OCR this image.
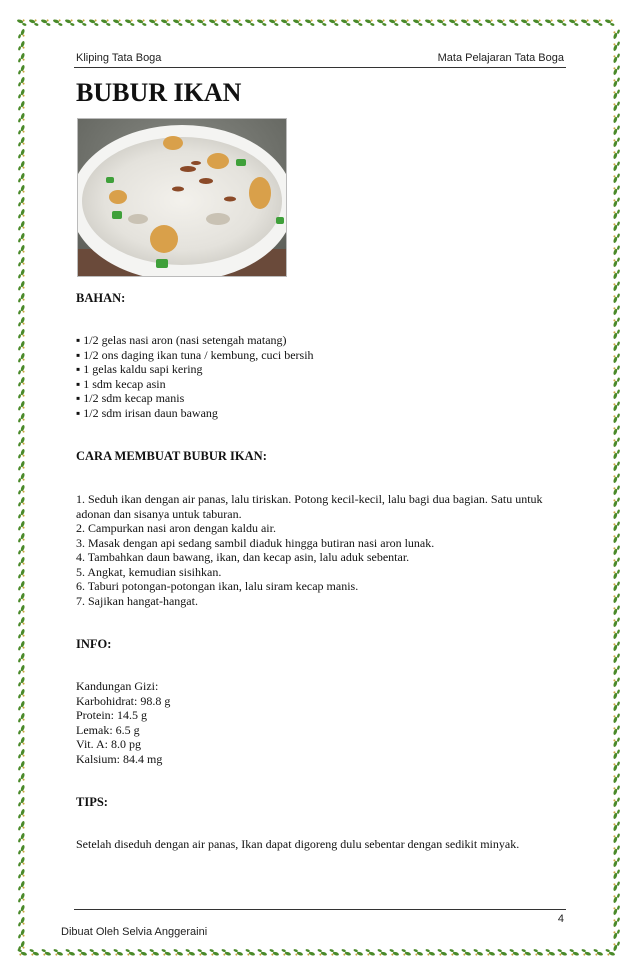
Kliping Tata Boga	Mata Pelajaran Tata Boga
BUBUR IKAN
BAHAN:
▪ 1/2 gelas nasi aron (nasi setengah matang)
▪ 1/2 ons daging ikan tuna / kembung, cuci bersih
▪ 1 gelas kaldu sapi kering
▪ 1 sdm kecap asin
▪ 1/2 sdm kecap manis
▪ 1/2 sdm irisan daun bawang
CARA MEMBUAT BUBUR IKAN:
1. Seduh ikan dengan air panas, lalu tiriskan. Potong kecil-kecil, lalu bagi dua bagian. Satu untuk adonan dan sisanya untuk taburan.
2. Campurkan nasi aron dengan kaldu air.
3. Masak dengan api sedang sambil diaduk hingga butiran nasi aron lunak.
4. Tambahkan daun bawang, ikan, dan kecap asin, lalu aduk sebentar.
5. Angkat, kemudian sisihkan.
6. Taburi potongan-potongan ikan, lalu siram kecap manis.
7. Sajikan hangat-hangat.
INFO:
Kandungan Gizi:
Karbohidrat: 98.8 g
Protein: 14.5 g
Lemak: 6.5 g
Vit. A: 8.0 pg
Kalsium: 84.4 mg
TIPS:
Setelah diseduh dengan air panas, Ikan dapat digoreng dulu sebentar dengan sedikit minyak.
4
Dibuat Oleh Selvia Anggeraini
